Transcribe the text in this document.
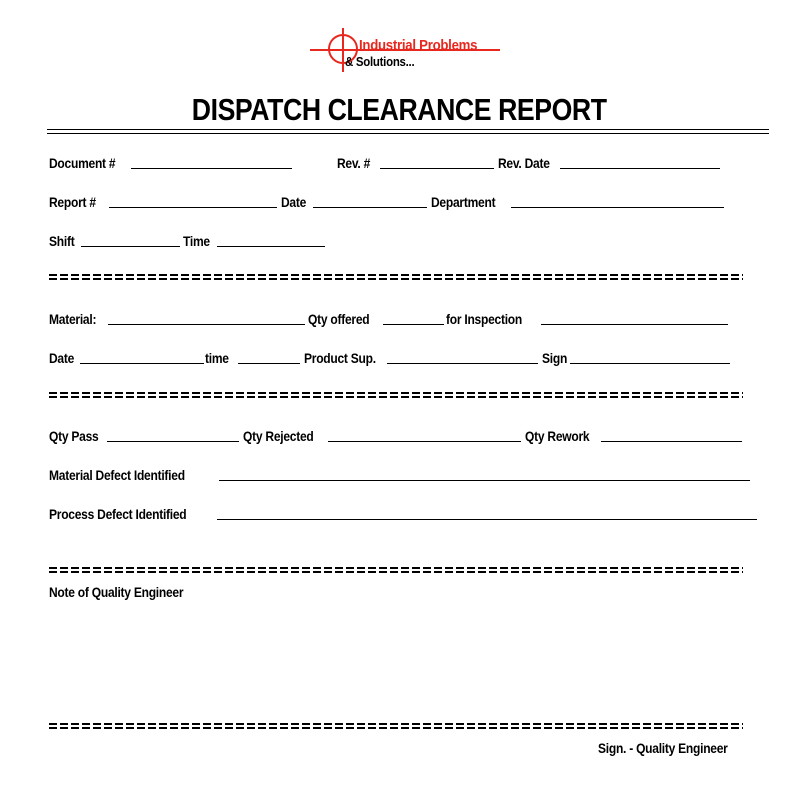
Industrial Problems
& Solutions...
DISPATCH CLEARANCE REPORT
Document #	Rev. #	Rev. Date
Report #	Date	Department
Shift	Time
Material:	Qty offered	for Inspection
Date	time	Product Sup.	Sign
Qty Pass	Qty Rejected	Qty Rework
Material Defect Identified
Process Defect Identified
Note of Quality Engineer
Sign. - Quality Engineer
